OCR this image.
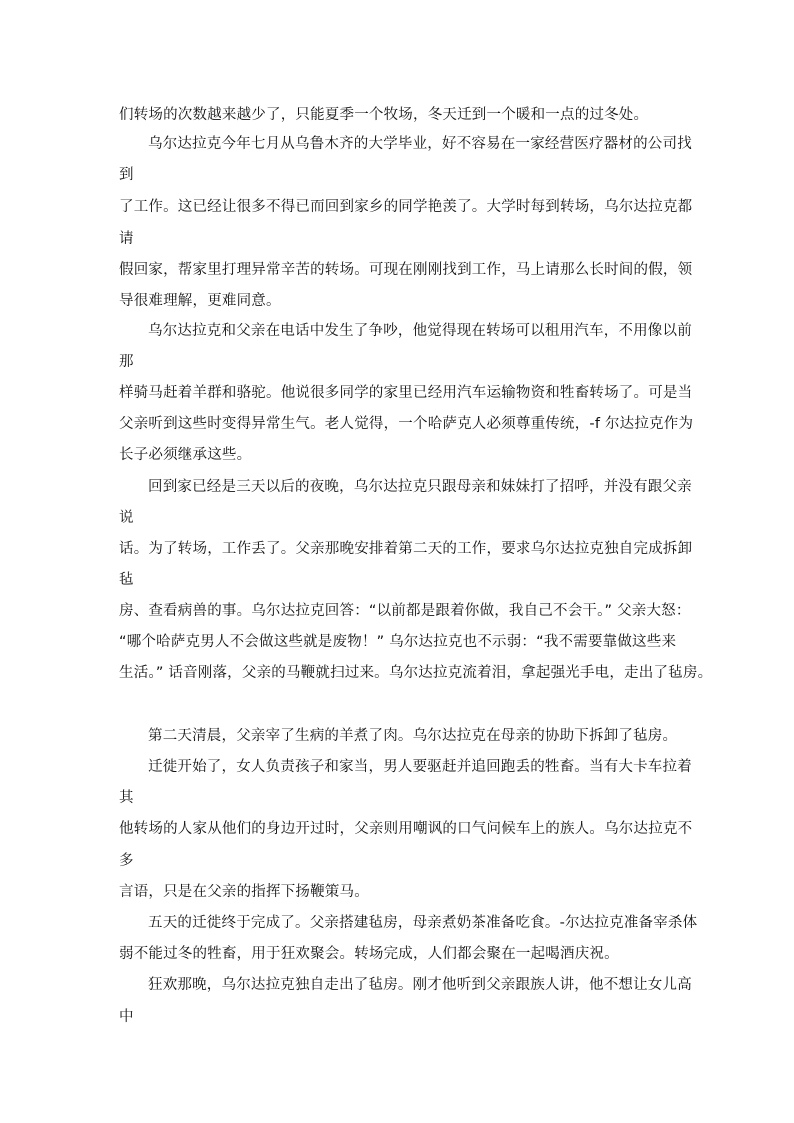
们转场的次数越来越少了，只能夏季一个牧场，冬天迁到一个暖和一点的过冬处。
乌尔达拉克今年七月从乌鲁木齐的大学毕业，好不容易在一家经营医疗器材的公司找
到
了工作。这已经让很多不得已而回到家乡的同学艳羡了。大学时每到转场，乌尔达拉克都
请
假回家，帮家里打理异常辛苦的转场。可现在刚刚找到工作，马上请那么长时间的假，领
导很难理解，更难同意。
乌尔达拉克和父亲在电话中发生了争吵，他觉得现在转场可以租用汽车，不用像以前
那
样骑马赶着羊群和骆驼。他说很多同学的家里已经用汽车运输物资和牲畜转场了。可是当
父亲听到这些时变得异常生气。老人觉得，一个哈萨克人必须尊重传统，-f 尔达拉克作为
长子必须继承这些。
回到家已经是三天以后的夜晚，乌尔达拉克只跟母亲和妹妹打了招呼，并没有跟父亲
说
话。为了转场，工作丢了。父亲那晚安排着第二天的工作，要求乌尔达拉克独自完成拆卸
毡
房、查看病兽的事。乌尔达拉克回答：“以前都是跟着你做，我自己不会干。” 父亲大怒：
“哪个哈萨克男人不会做这些就是废物！” 乌尔达拉克也不示弱：“我不需要靠做这些来
生活。” 话音刚落，父亲的马鞭就扫过来。乌尔达拉克流着泪，拿起强光手电，走出了毡房。
第二天清晨，父亲宰了生病的羊煮了肉。乌尔达拉克在母亲的协助下拆卸了毡房。
迁徙开始了，女人负责孩子和家当，男人要驱赶并追回跑丢的牲畜。当有大卡车拉着
其
他转场的人家从他们的身边开过时，父亲则用嘲讽的口气问候车上的族人。乌尔达拉克不
多
言语，只是在父亲的指挥下扬鞭策马。
五天的迁徙终于完成了。父亲搭建毡房，母亲煮奶茶准备吃食。-尔达拉克准备宰杀体
弱不能过冬的牲畜，用于狂欢聚会。转场完成，人们都会聚在一起喝酒庆祝。
狂欢那晚，乌尔达拉克独自走出了毡房。刚才他听到父亲跟族人讲，他不想让女儿高
中
